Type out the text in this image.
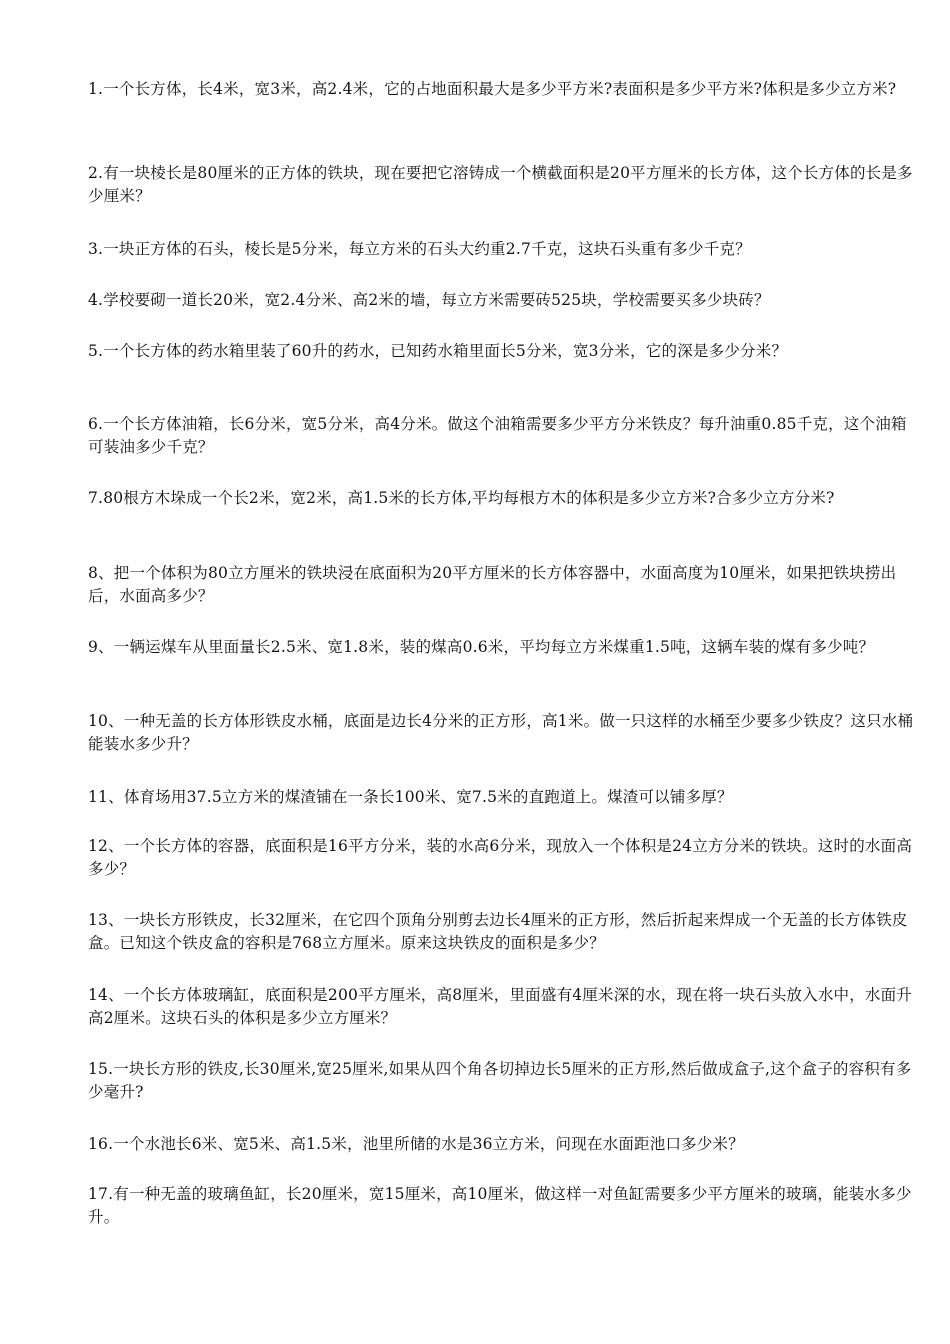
1.一个长方体，长4米，宽3米，高2.4米，它的占地面积最大是多少平方米?表面积是多少平方米?体积是多少立方米?

2.有一块棱长是80厘米的正方体的铁块，现在要把它溶铸成一个横截面积是20平方厘米的长方体，这个长方体的长是多少厘米？

3.一块正方体的石头，棱长是5分米，每立方米的石头大约重2.7千克，这块石头重有多少千克？

4.学校要砌一道长20米，宽2.4分米、高2米的墙，每立方米需要砖525块，学校需要买多少块砖？

5.一个长方体的药水箱里装了60升的药水，已知药水箱里面长5分米，宽3分米，它的深是多少分米？

6.一个长方体油箱，长6分米，宽5分米，高4分米。做这个油箱需要多少平方分米铁皮？每升油重0.85千克，这个油箱可装油多少千克？

7.80根方木垛成一个长2米，宽2米，高1.5米的长方体,平均每根方木的体积是多少立方米?合多少立方分米?

8、把一个体积为80立方厘米的铁块浸在底面积为20平方厘米的长方体容器中，水面高度为10厘米，如果把铁块捞出后，水面高多少？

9、一辆运煤车从里面量长2.5米、宽1.8米，装的煤高0.6米，平均每立方米煤重1.5吨，这辆车装的煤有多少吨？

10、一种无盖的长方体形铁皮水桶，底面是边长4分米的正方形，高1米。做一只这样的水桶至少要多少铁皮？这只水桶能装水多少升？

11、体育场用37.5立方米的煤渣铺在一条长100米、宽7.5米的直跑道上。煤渣可以铺多厚？

12、一个长方体的容器，底面积是16平方分米，装的水高6分米，现放入一个体积是24立方分米的铁块。这时的水面高多少？

13、一块长方形铁皮，长32厘米，在它四个顶角分别剪去边长4厘米的正方形，然后折起来焊成一个无盖的长方体铁皮盒。已知这个铁皮盒的容积是768立方厘米。原来这块铁皮的面积是多少？

14、一个长方体玻璃缸，底面积是200平方厘米，高8厘米，里面盛有4厘米深的水，现在将一块石头放入水中，水面升高2厘米。这块石头的体积是多少立方厘米？

15.一块长方形的铁皮,长30厘米,宽25厘米,如果从四个角各切掉边长5厘米的正方形,然后做成盒子,这个盒子的容积有多少毫升?

16.一个水池长6米、宽5米、高1.5米，池里所储的水是36立方米，问现在水面距池口多少米？

17.有一种无盖的玻璃鱼缸，长20厘米，宽15厘米，高10厘米，做这样一对鱼缸需要多少平方厘米的玻璃，能装水多少升。
